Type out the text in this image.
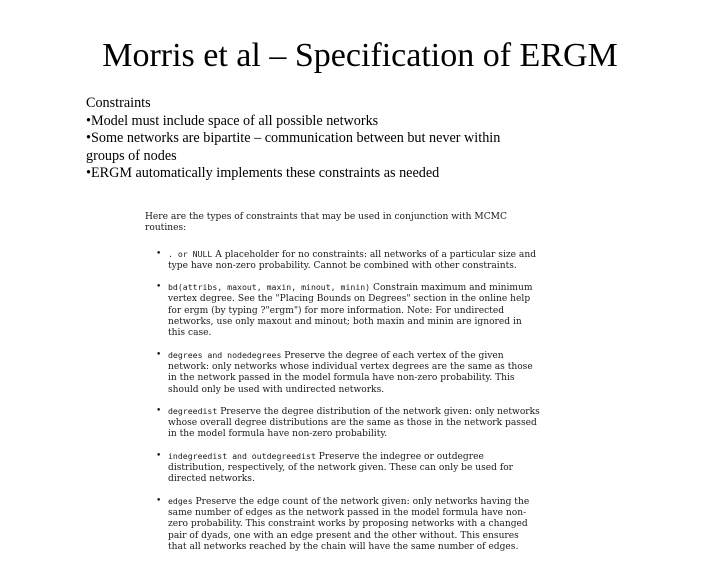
Morris et al – Specification of ERGM
Constraints
•Model must include space of all possible networks
•Some networks are bipartite – communication between but never within
groups of nodes
•ERGM automatically implements these constraints as needed
Here are the types of constraints that may be used in conjunction with MCMC routines:
• . or NULL A placeholder for no constraints: all networks of a particular size and type have non-zero probability. Cannot be combined with other constraints.
• bd(attribs, maxout, maxin, minout, minin) Constrain maximum and minimum vertex degree. See the "Placing Bounds on Degrees" section in the online help for ergm (by typing ?"ergm") for more information. Note: For undirected networks, use only maxout and minout; both maxin and minin are ignored in this case.
• degrees and nodedegrees Preserve the degree of each vertex of the given network: only networks whose individual vertex degrees are the same as those in the network passed in the model formula have non-zero probability. This should only be used with undirected networks.
• degreedist Preserve the degree distribution of the network given: only networks whose overall degree distributions are the same as those in the network passed in the model formula have non-zero probability.
• indegreedist and outdegreedist Preserve the indegree or outdegree distribution, respectively, of the network given. These can only be used for directed networks.
• edges Preserve the edge count of the network given: only networks having the same number of edges as the network passed in the model formula have non-zero probability. This constraint works by proposing networks with a changed pair of dyads, one with an edge present and the other without. This ensures that all networks reached by the chain will have the same number of edges.
